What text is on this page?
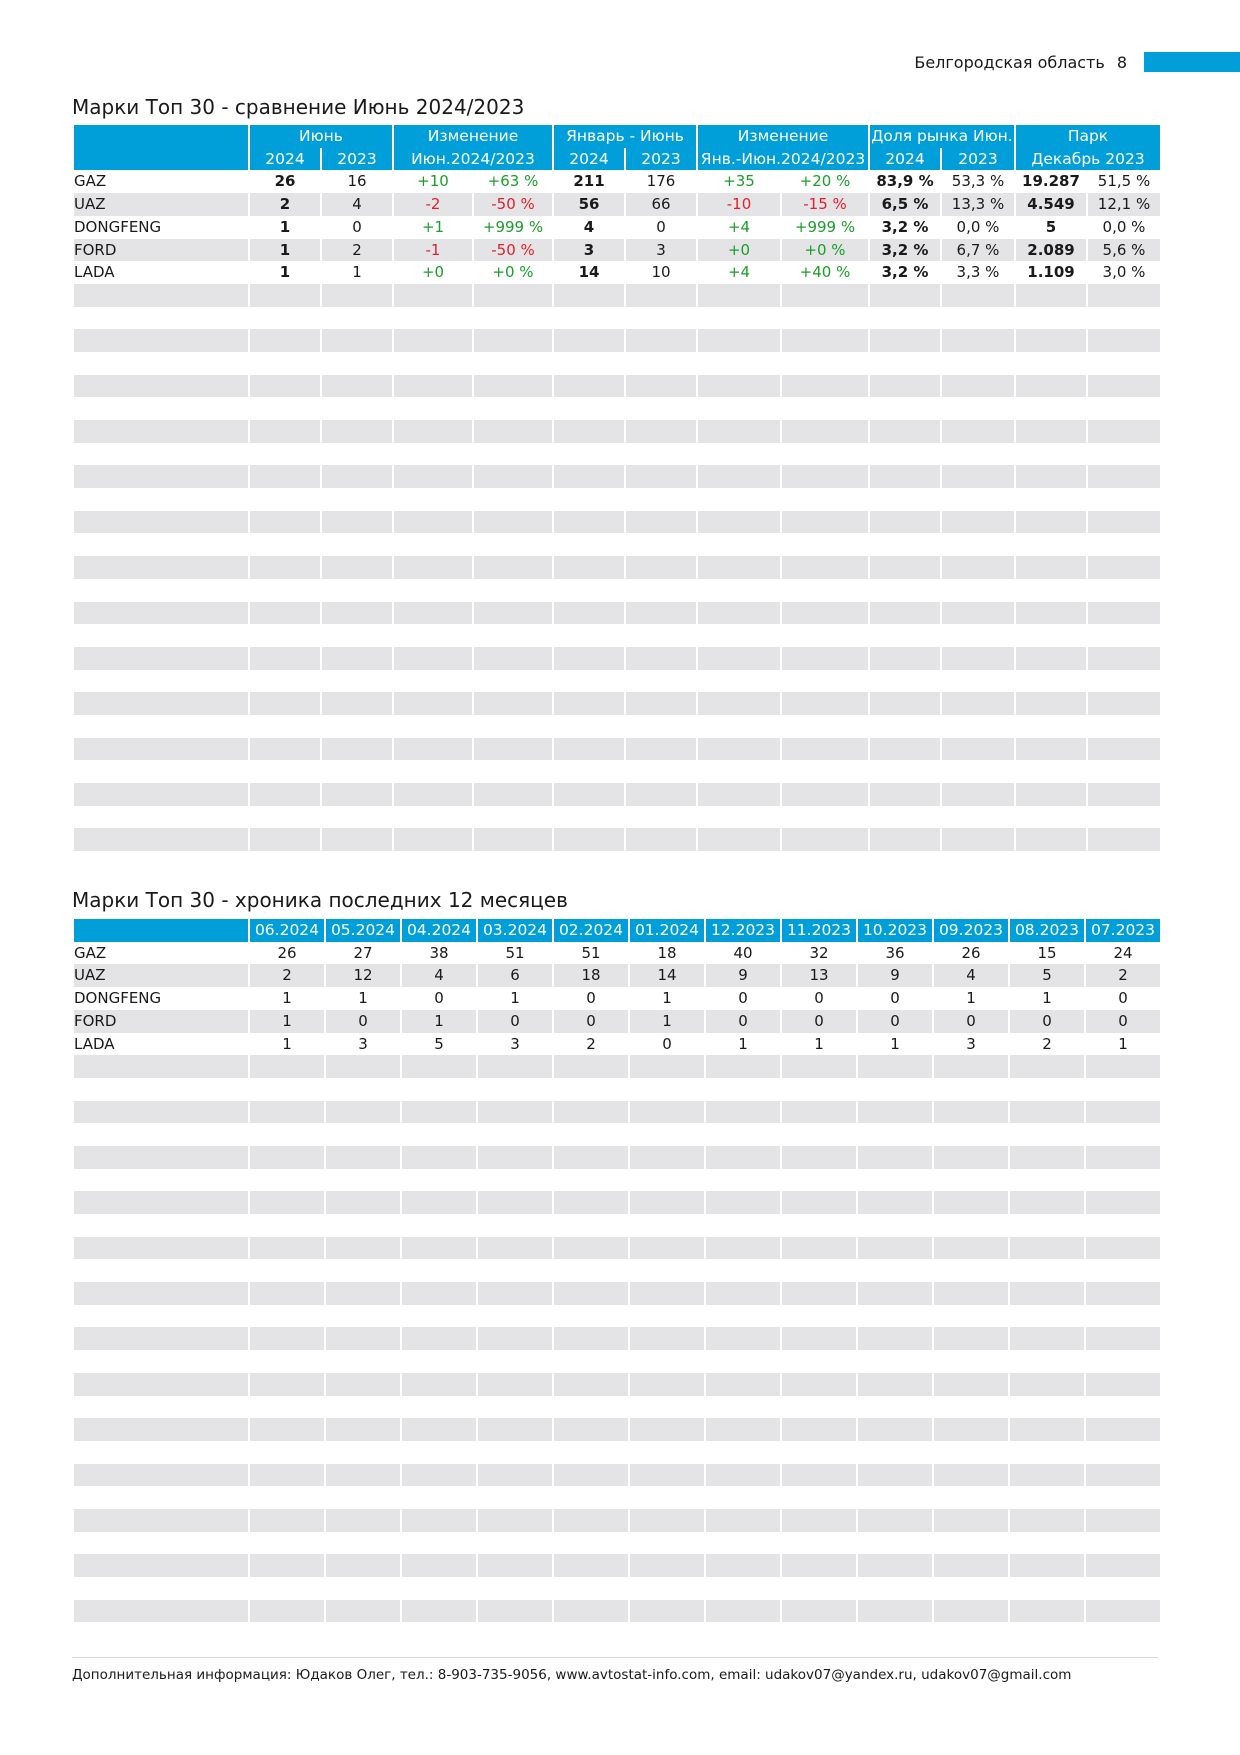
Белгородская область 8
Марки Топ 30 - сравнение Июнь 2024/2023
	Июнь		Изменение		Январь - Июнь		Изменение		Доля рынка Июн.		Парк	
	2024	2023	Июн.2024/2023		2024	2023	Янв.-Июн.2024/2023		2024	2023	Декабрь 2023	
GAZ	26	16	+10	+63 %	211	176	+35	+20 %	83,9 %	53,3 %	19.287	51,5 %
UAZ	2	4	-2	-50 %	56	66	-10	-15 %	6,5 %	13,3 %	4.549	12,1 %
DONGFENG	1	0	+1	+999 %	4	0	+4	+999 %	3,2 %	0,0 %	5	0,0 %
FORD	1	2	-1	-50 %	3	3	+0	+0 %	3,2 %	6,7 %	2.089	5,6 %
LADA	1	1	+0	+0 %	14	10	+4	+40 %	3,2 %	3,3 %	1.109	3,0 %

Марки Топ 30 - хроника последних 12 месяцев
	06.2024	05.2024	04.2024	03.2024	02.2024	01.2024	12.2023	11.2023	10.2023	09.2023	08.2023	07.2023
GAZ	26	27	38	51	51	18	40	32	36	26	15	24
UAZ	2	12	4	6	18	14	9	13	9	4	5	2
DONGFENG	1	1	0	1	0	1	0	0	0	1	1	0
FORD	1	0	1	0	0	1	0	0	0	0	0	0
LADA	1	3	5	3	2	0	1	1	1	3	2	1

Дополнительная информация: Юдаков Олег, тел.: 8-903-735-9056, www.avtostat-info.com, email: udakov07@yandex.ru, udakov07@gmail.com
